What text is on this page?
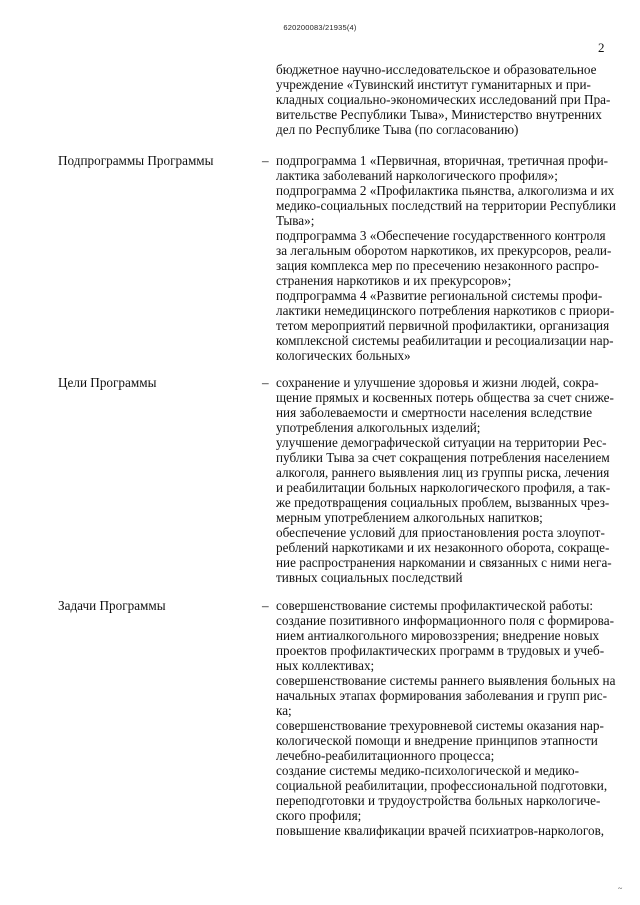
620200083/21935(4)
2
бюджетное научно-исследовательское и образовательное
учреждение «Тувинский институт гуманитарных и при-
кладных социально-экономических исследований при Пра-
вительстве Республики Тыва», Министерство внутренних
дел по Республике Тыва (по согласованию)
Подпрограммы Программы	– подпрограмма 1 «Первичная, вторичная, третичная профи-
лактика заболеваний наркологического профиля»;
подпрограмма 2 «Профилактика пьянства, алкоголизма и их
медико-социальных последствий на территории Республики
Тыва»;
подпрограмма 3 «Обеспечение государственного контроля
за легальным оборотом наркотиков, их прекурсоров, реали-
зация комплекса мер по пресечению незаконного распро-
странения наркотиков и их прекурсоров»;
подпрограмма 4 «Развитие региональной системы профи-
лактики немедицинского потребления наркотиков с приори-
тетом мероприятий первичной профилактики, организация
комплексной системы реабилитации и ресоциализации нар-
кологических больных»
Цели Программы	– сохранение и улучшение здоровья и жизни людей, сокра-
щение прямых и косвенных потерь общества за счет сниже-
ния заболеваемости и смертности населения вследствие
употребления алкогольных изделий;
улучшение демографической ситуации на территории Рес-
публики Тыва за счет сокращения потребления населением
алкоголя, раннего выявления лиц из группы риска, лечения
и реабилитации больных наркологического профиля, а так-
же предотвращения социальных проблем, вызванных чрез-
мерным употреблением алкогольных напитков;
обеспечение условий для приостановления роста злоупот-
реблений наркотиками и их незаконного оборота, сокраще-
ние распространения наркомании и связанных с ними нега-
тивных социальных последствий
Задачи Программы	– совершенствование системы профилактической работы:
создание позитивного информационного поля с формирова-
нием антиалкогольного мировоззрения; внедрение новых
проектов профилактических программ в трудовых и учеб-
ных коллективах;
совершенствование системы раннего выявления больных на
начальных этапах формирования заболевания и групп рис-
ка;
совершенствование трехуровневой системы оказания нар-
кологической помощи и внедрение принципов этапности
лечебно-реабилитационного процесса;
создание системы медико-психологической и медико-
социальной реабилитации, профессиональной подготовки,
переподготовки и трудоустройства больных наркологиче-
ского профиля;
повышение квалификации врачей психиатров-наркологов,
~
